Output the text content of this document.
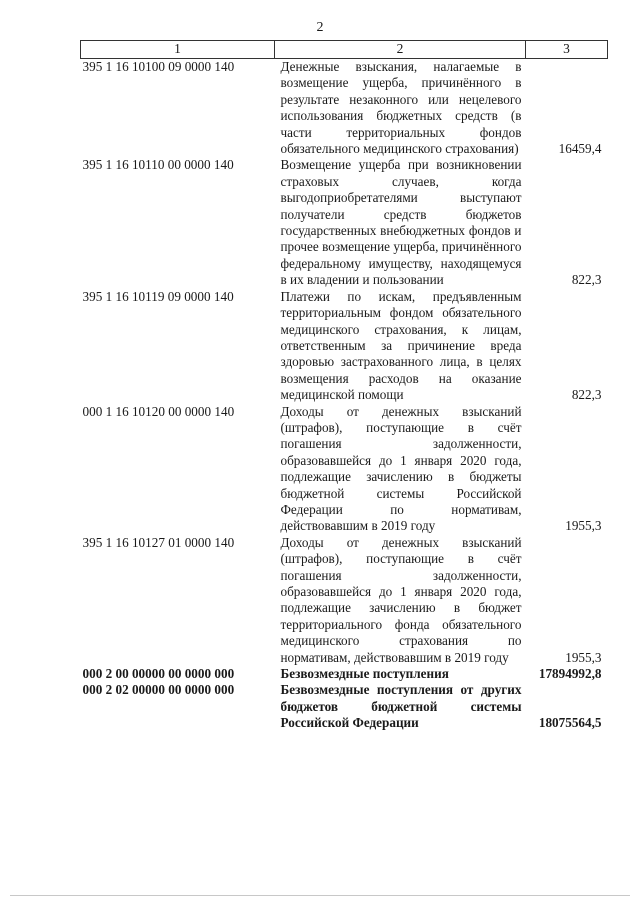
2
1	2	3
395 1 16 10100 09 0000 140	Денежные взыскания, налагаемые в возмещение ущерба, причинённого в результате незаконного или нецелевого использования бюджетных средств (в части территориальных фондов обязательного медицинского страхования)	16459,4
395 1 16 10110 00 0000 140	Возмещение ущерба при возникновении страховых случаев, когда выгодоприобретателями выступают получатели средств бюджетов государственных внебюджетных фондов и прочее возмещение ущерба, причинённого федеральному имуществу, находящемуся в их владении и пользовании	822,3
395 1 16 10119 09 0000 140	Платежи по искам, предъявленным территориальным фондом обязательного медицинского страхования, к лицам, ответственным за причинение вреда здоровью застрахованного лица, в целях возмещения расходов на оказание медицинской помощи	822,3
000 1 16 10120 00 0000 140	Доходы от денежных взысканий (штрафов), поступающие в счёт погашения задолженности, образовавшейся до 1 января 2020 года, подлежащие зачислению в бюджеты бюджетной системы Российской Федерации по нормативам, действовавшим в 2019 году	1955,3
395 1 16 10127 01 0000 140	Доходы от денежных взысканий (штрафов), поступающие в счёт погашения задолженности, образовавшейся до 1 января 2020 года, подлежащие зачислению в бюджет территориального фонда обязательного медицинского страхования по нормативам, действовавшим в 2019 году	1955,3
000 2 00 00000 00 0000 000	Безвозмездные поступления	17894992,8
000 2 02 00000 00 0000 000	Безвозмездные поступления от других бюджетов бюджетной системы Российской Федерации	18075564,5
